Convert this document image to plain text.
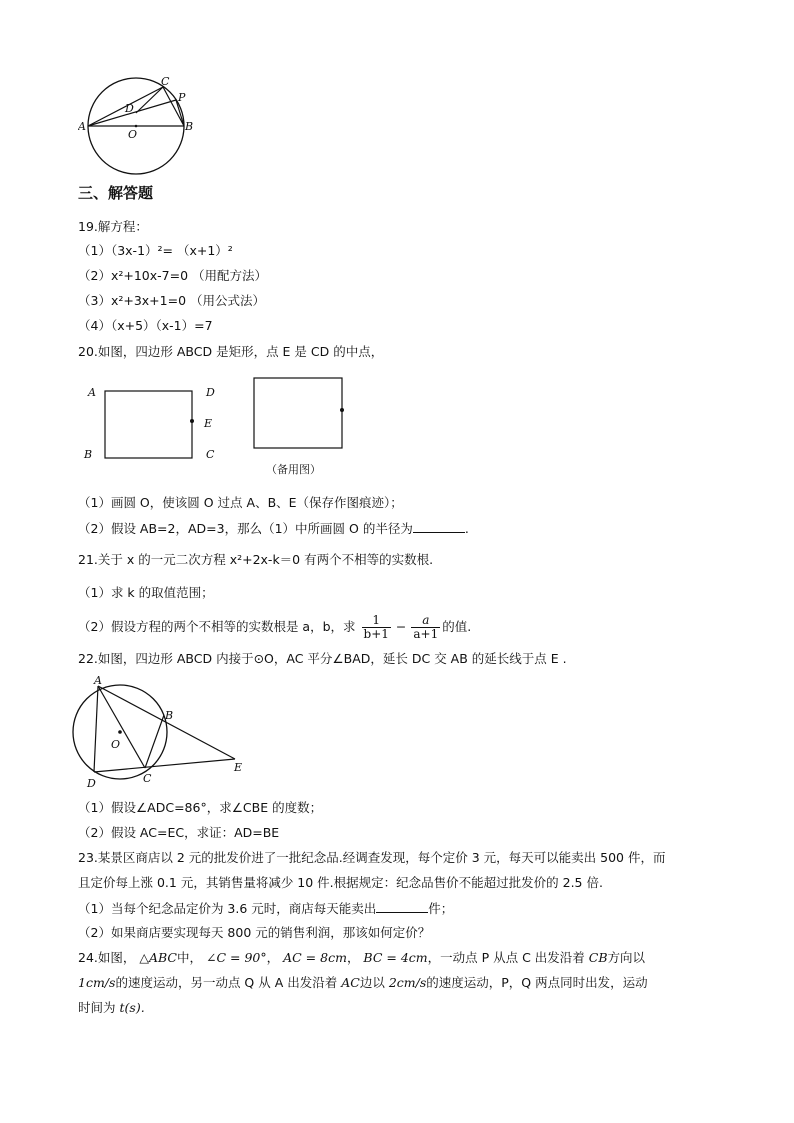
A	B
C
P
D
O
三、解答题
19.解方程：
（1）（3x-1）²= （x+1）²
（2）x²+10x-7=0 （用配方法）
（3）x²+3x+1=0 （用公式法）
（4）（x+5）（x-1）=7
20.如图，四边形 ABCD 是矩形，点 E 是 CD 的中点，
A
B	C
D
E
（备用图）
（1）画圆 O，使该圆 O 过点 A、B、E（保存作图痕迹）；
（2）假设 AB=2，AD=3，那么（1）中所画圆 O 的半径为	.
21.关于 x 的一元二次方程 x²+2x-k＝0 有两个不相等的实数根.
（1）求 k 的取值范围；
（2）假设方程的两个不相等的实数根是 a，b，求 $\frac{1}{b+1} - \frac{a}{a+1}$ 的值.
22.如图，四边形 ABCD 内接于⊙O，AC 平分∠BAD，延长 DC 交 AB 的延长线于点 E .
A
B
C
D
E
O
（1）假设∠ADC=86°，求∠CBE 的度数；
（2）假设 AC=EC，求证：AD=BE
23.某景区商店以 2 元的批发价进了一批纪念品.经调查发现，每个定价 3 元，每天可以能卖出 500 件，而
且定价每上涨 0.1 元，其销售量将减少 10 件.根据规定：纪念品售价不能超过批发价的 2.5 倍.
（1）当每个纪念品定价为 3.6 元时，商店每天能卖出	件；
（2）如果商店要实现每天 800 元的销售利润，那该如何定价？
24.如图， △ABC中， ∠C = 90°， AC = 8cm， BC = 4cm，一动点 P 从点 C 出发沿着 CB方向以
1cm/s的速度运动，另一动点 Q 从 A 出发沿着 AC边以 2cm/s的速度运动，P，Q 两点同时出发，运动
时间为 t(s).
